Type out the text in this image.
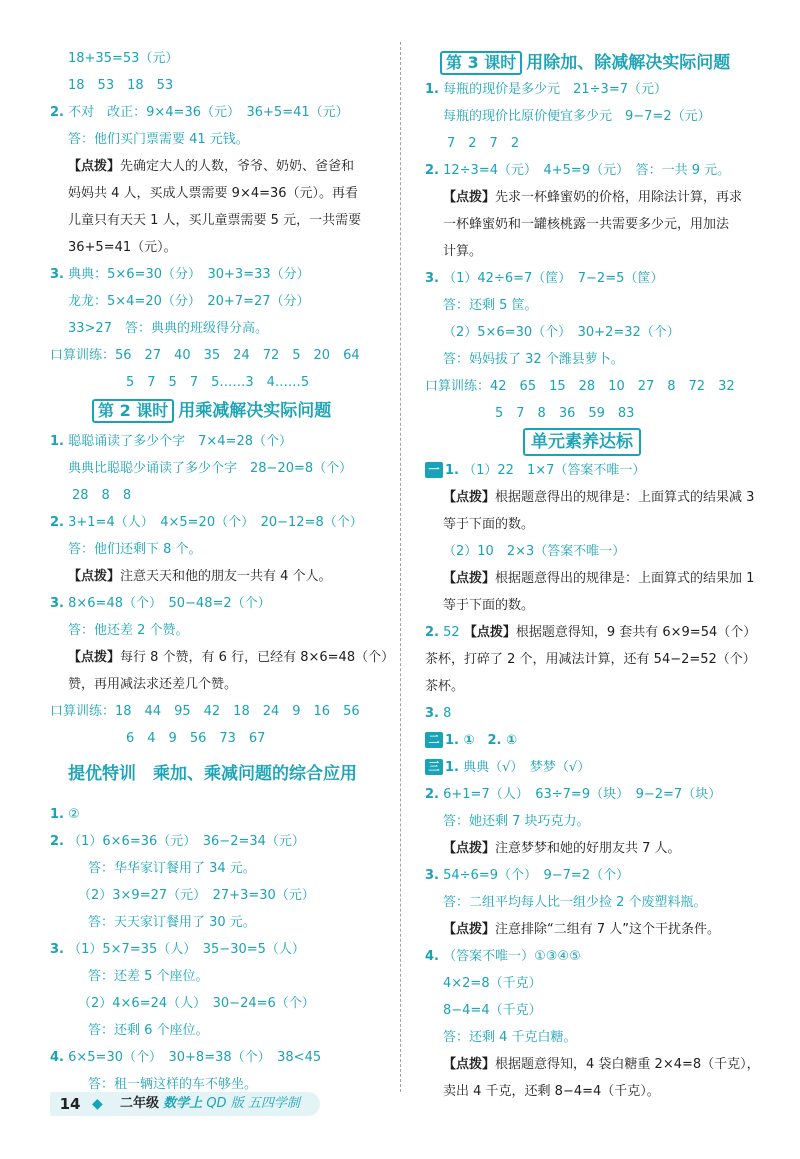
18+35=53（元）
18　53　18　53
2. 不对　改正：9×4=36（元）　36+5=41（元）
答：他们买门票需要 41 元钱。
【点拨】先确定大人的人数，爷爷、奶奶、爸爸和
妈妈共 4 人，买成人票需要 9×4=36（元）。再看
儿童只有天天 1 人，买儿童票需要 5 元，一共需要
36+5=41（元）。
3. 典典：5×6=30（分）　30+3=33（分）
龙龙：5×4=20（分）　20+7=27（分）
33>27　答：典典的班级得分高。
口算训练：56　27　40　35　24　72　5　20　64
5　7　5　7　5……3　4……5
第 2 课时 用乘减解决实际问题
1. 聪聪诵读了多少个字　7×4=28（个）
典典比聪聪少诵读了多少个字　28−20=8（个）
28　8　8
2. 3+1=4（人）　4×5=20（个）　20−12=8（个）
答：他们还剩下 8 个。
【点拨】注意天天和他的朋友一共有 4 个人。
3. 8×6=48（个）　50−48=2（个）
答：他还差 2 个赞。
【点拨】每行 8 个赞，有 6 行，已经有 8×6=48（个）
赞，再用减法求还差几个赞。
口算训练：18　44　95　42　18　24　9　16　56
6　4　9　56　73　67
提优特训　乘加、乘减问题的综合应用
1. ②
2. （1）6×6=36（元）　36−2=34（元）
答：华华家订餐用了 34 元。
（2）3×9=27（元）　27+3=30（元）
答：天天家订餐用了 30 元。
3. （1）5×7=35（人）　35−30=5（人）
答：还差 5 个座位。
（2）4×6=24（人）　30−24=6（个）
答：还剩 6 个座位。
4. 6×5=30（个）　30+8=38（个）　38<45
答：租一辆这样的车不够坐。
第 3 课时 用除加、除减解决实际问题
1. 每瓶的现价是多少元　21÷3=7（元）
每瓶的现价比原价便宜多少元　9−7=2（元）
7　2　7　2
2. 12÷3=4（元）　4+5=9（元）　答：一共 9 元。
【点拨】先求一杯蜂蜜奶的价格，用除法计算，再求
一杯蜂蜜奶和一罐核桃露一共需要多少元，用加法
计算。
3. （1）42÷6=7（筐）　7−2=5（筐）
答：还剩 5 筐。
（2）5×6=30（个）　30+2=32（个）
答：妈妈拔了 32 个潍县萝卜。
口算训练：42　65　15　28　10　27　8　72　32
5　7　8　36　59　83
单元素养达标
一 1. （1）22　1×7（答案不唯一）
【点拨】根据题意得出的规律是：上面算式的结果减 3
等于下面的数。
（2）10　2×3（答案不唯一）
【点拨】根据题意得出的规律是：上面算式的结果加 1
等于下面的数。
2. 52 【点拨】根据题意得知，9 套共有 6×9=54（个）
茶杯，打碎了 2 个，用减法计算，还有 54−2=52（个）
茶杯。
3. 8
二 1. ①　2. ①
三 1. 典典（√）　梦梦（√）
2. 6+1=7（人）　63÷7=9（块）　9−2=7（块）
答：她还剩 7 块巧克力。
【点拨】注意梦梦和她的好朋友共 7 人。
3. 54÷6=9（个）　9−7=2（个）
答：二组平均每人比一组少捡 2 个废塑料瓶。
【点拨】注意排除“二组有 7 人”这个干扰条件。
4. （答案不唯一）①③④⑤
4×2=8（千克）
8−4=4（千克）
答：还剩 4 千克白糖。
【点拨】根据题意得知，4 袋白糖重 2×4=8（千克），
卖出 4 千克，还剩 8−4=4（千克）。
14 ◆	二年级 数学上 QD 版 五四学制
